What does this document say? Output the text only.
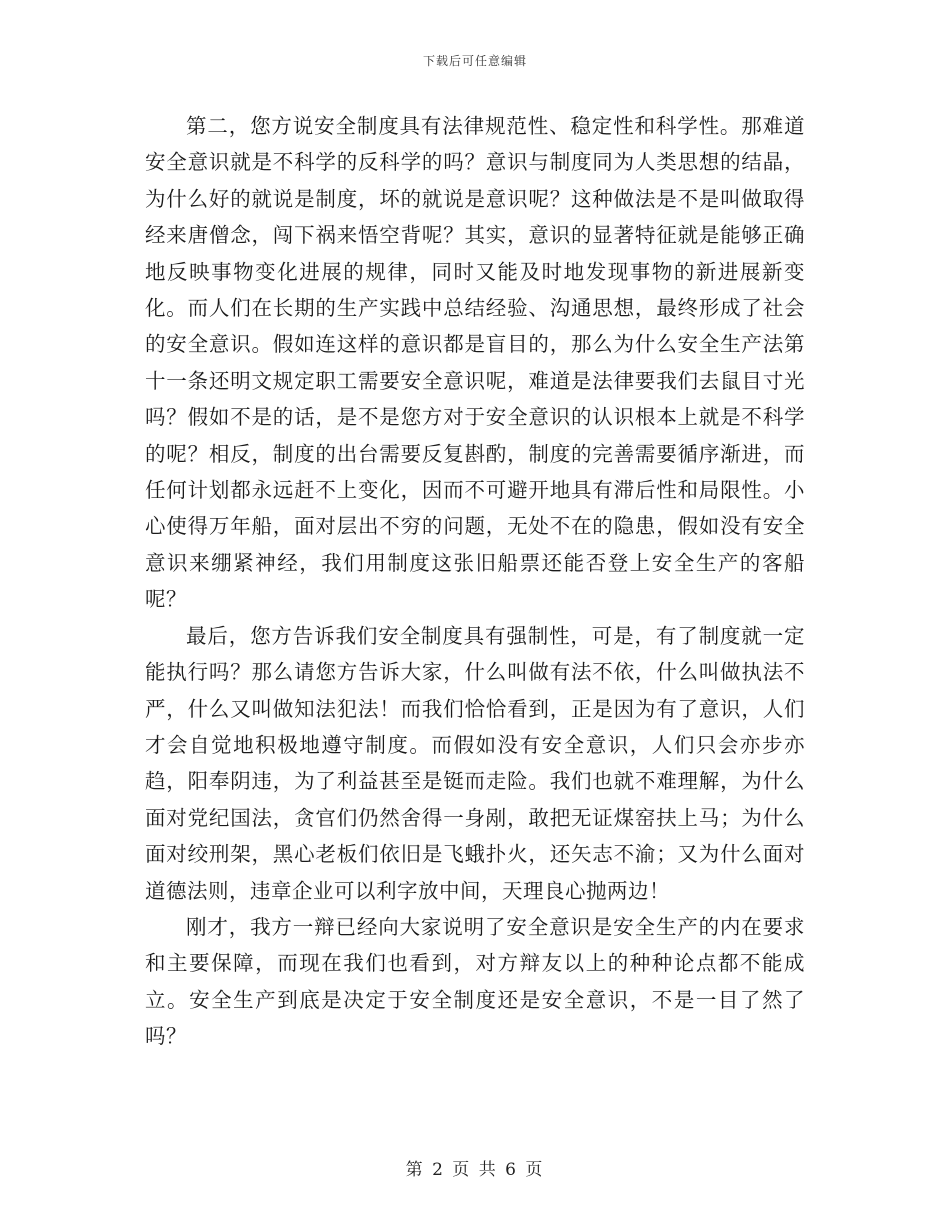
下载后可任意编辑

第二，您方说安全制度具有法律规范性、稳定性和科学性。那难道安全意识就是不科学的反科学的吗？意识与制度同为人类思想的结晶，为什么好的就说是制度，坏的就说是意识呢？这种做法是不是叫做取得经来唐僧念，闯下祸来悟空背呢？其实，意识的显著特征就是能够正确地反映事物变化进展的规律，同时又能及时地发现事物的新进展新变化。而人们在长期的生产实践中总结经验、沟通思想，最终形成了社会的安全意识。假如连这样的意识都是盲目的，那么为什么安全生产法第十一条还明文规定职工需要安全意识呢，难道是法律要我们去鼠目寸光吗？假如不是的话，是不是您方对于安全意识的认识根本上就是不科学的呢？相反，制度的出台需要反复斟酌，制度的完善需要循序渐进，而任何计划都永远赶不上变化，因而不可避开地具有滞后性和局限性。小心使得万年船，面对层出不穷的问题，无处不在的隐患，假如没有安全意识来绷紧神经，我们用制度这张旧船票还能否登上安全生产的客船呢？

最后，您方告诉我们安全制度具有强制性，可是，有了制度就一定能执行吗？那么请您方告诉大家，什么叫做有法不依，什么叫做执法不严，什么又叫做知法犯法！而我们恰恰看到，正是因为有了意识，人们才会自觉地积极地遵守制度。而假如没有安全意识，人们只会亦步亦趋，阳奉阴违，为了利益甚至是铤而走险。我们也就不难理解，为什么面对党纪国法，贪官们仍然舍得一身剐，敢把无证煤窑扶上马；为什么面对绞刑架，黑心老板们依旧是飞蛾扑火，还矢志不渝；又为什么面对道德法则，违章企业可以利字放中间，天理良心抛两边！

刚才，我方一辩已经向大家说明了安全意识是安全生产的内在要求和主要保障，而现在我们也看到，对方辩友以上的种种论点都不能成立。安全生产到底是决定于安全制度还是安全意识，不是一目了然了吗？

第 2 页 共 6 页
